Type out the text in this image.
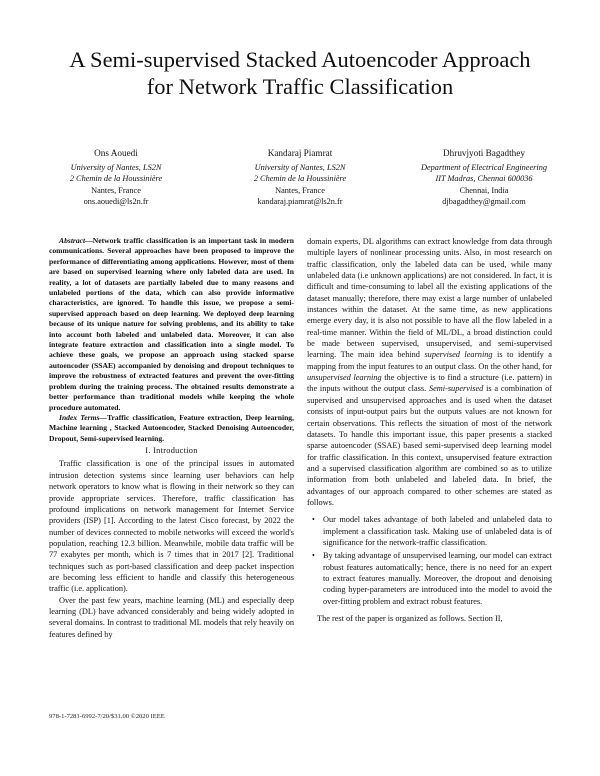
A Semi-supervised Stacked Autoencoder Approach
for Network Traffic Classification
Ons Aouedi
University of Nantes, LS2N
2 Chemin de la Houssinière
Nantes, France
ons.aouedi@ls2n.fr
Kandaraj Piamrat
University of Nantes, LS2N
2 Chemin de la Houssinière
Nantes, France
kandaraj.piamrat@ls2n.fr
Dhruvjyoti Bagadthey
Department of Electrical Engineering
IIT Madras, Chennai 600036
Chennai, India
djbagadthey@gmail.com

Abstract—Network traffic classification is an important task in modern communications. Several approaches have been proposed to improve the performance of differentiating among applications. However, most of them are based on supervised learning where only labeled data are used. In reality, a lot of datasets are partially labeled due to many reasons and unlabeled portions of the data, which can also provide informative characteristics, are ignored. To handle this issue, we propose a semi-supervised approach based on deep learning. We deployed deep learning because of its unique nature for solving problems, and its ability to take into account both labeled and unlabeled data. Moreover, it can also integrate feature extraction and classification into a single model. To achieve these goals, we propose an approach using stacked sparse autoencoder (SSAE) accompanied by denoising and dropout techniques to improve the robustness of extracted features and prevent the over-fitting problem during the training process. The obtained results demonstrate a better performance than traditional models while keeping the whole procedure automated.

Index Terms—Traffic classification, Feature extraction, Deep learning, Machine learning , Stacked Autoencoder, Stacked Denoising Autoencoder, Dropout, Semi-supervised learning.

I. Introduction

Traffic classification is one of the principal issues in automated intrusion detection systems since learning user behaviors can help network operators to know what is flowing in their network so they can provide appropriate services. Therefore, traffic classification has profound implications on network management for Internet Service providers (ISP) [1]. According to the latest Cisco forecast, by 2022 the number of devices connected to mobile networks will exceed the world's population, reaching 12.3 billion. Meanwhile, mobile data traffic will be 77 exabytes per month, which is 7 times that in 2017 [2]. Traditional techniques such as port-based classification and deep packet inspection are becoming less efficient to handle and classify this heterogeneous traffic (i.e. application).

Over the past few years, machine learning (ML) and especially deep learning (DL) have advanced considerably and being widely adopted in several domains. In contrast to traditional ML models that rely heavily on features defined by

domain experts, DL algorithms can extract knowledge from data through multiple layers of nonlinear processing units. Also, in most research on traffic classification, only the labeled data can be used, while many unlabeled data (i.e unknown applications) are not considered. In fact, it is difficult and time-consuming to label all the existing applications of the dataset manually; therefore, there may exist a large number of unlabeled instances within the dataset. At the same time, as new applications emerge every day, it is also not possible to have all the flow labeled in a real-time manner. Within the field of ML/DL, a broad distinction could be made between supervised, unsupervised, and semi-supervised learning. The main idea behind supervised learning is to identify a mapping from the input features to an output class. On the other hand, for unsupervised learning the objective is to find a structure (i.e. pattern) in the inputs without the output class. Semi-supervised is a combination of supervised and unsupervised approaches and is used when the dataset consists of input-output pairs but the outputs values are not known for certain observations. This reflects the situation of most of the network datasets. To handle this important issue, this paper presents a stacked sparse autoencoder (SSAE) based semi-supervised deep learning model for traffic classification. In this context, unsupervised feature extraction and a supervised classification algorithm are combined so as to utilize information from both unlabeled and labeled data. In brief, the advantages of our approach compared to other schemes are stated as follows.

• Our model takes advantage of both labeled and unlabeled data to implement a classification task. Making use of unlabeled data is of significance for the network-traffic classification.
• By taking advantage of unsupervised learning, our model can extract robust features automatically; hence, there is no need for an expert to extract features manually. Moreover, the dropout and denoising coding hyper-parameters are introduced into the model to avoid the over-fitting problem and extract robust features.

The rest of the paper is organized as follows. Section II,

978-1-7281-6992-7/20/$31.00 ©2020 IEEE
